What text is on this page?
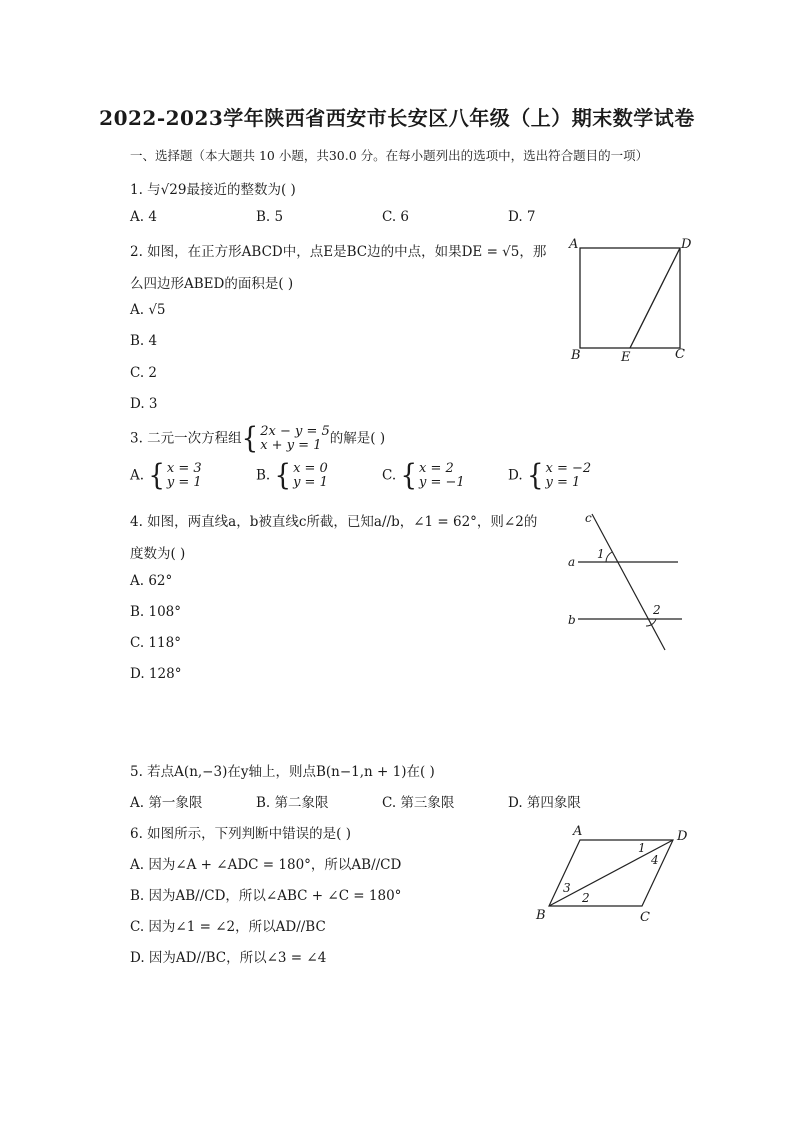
2022-2023学年陕西省西安市长安区八年级（上）期末数学试卷
一、选择题（本大题共 10 小题，共30.0 分。在每小题列出的选项中，选出符合题目的一项）
1. 与√29最接近的整数为( )
A. 4	B. 5	C. 6	D. 7
2. 如图，在正方形ABCD中，点E是BC边的中点，如果DE = √5，那
么四边形ABED的面积是( )
A. √5
B. 4
C. 2
D. 3
A	D
B	E	C
3. 二元一次方程组{ 2x − y = 5
x + y = 1 的解是( )
A. { x = 3
y = 1	B. { x = 0
y = 1	C. { x = 2
y = −1	D. { x = −2
y = 1
4. 如图，两直线a，b被直线c所截，已知a//b，∠1 = 62°，则∠2的
度数为( )
A. 62°
B. 108°
C. 118°
D. 128°
c
a
b
1
2
5. 若点A(n,−3)在y轴上，则点B(n−1,n + 1)在( )
A. 第一象限	B. 第二象限	C. 第三象限	D. 第四象限
6. 如图所示，下列判断中错误的是( )
A. 因为∠A + ∠ADC = 180°，所以AB//CD
B. 因为AB//CD，所以∠ABC + ∠C = 180°
C. 因为∠1 = ∠2，所以AD//BC
D. 因为AD//BC，所以∠3 = ∠4
A	D
B	C
1
2
3
4
